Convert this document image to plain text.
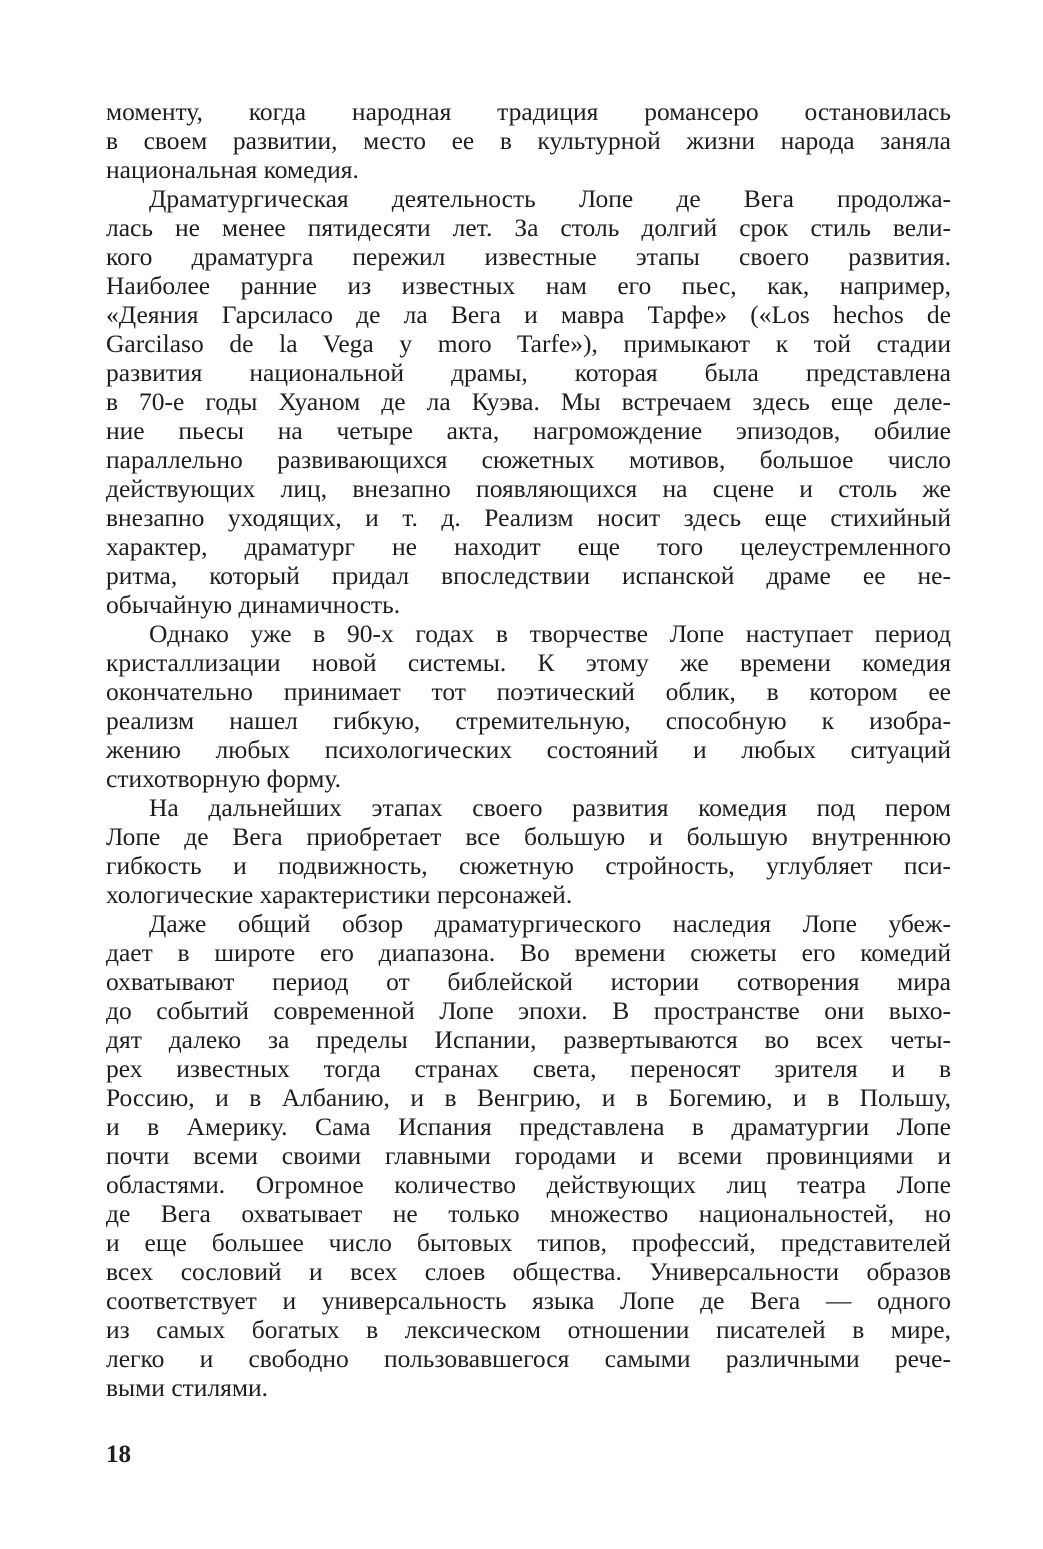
моменту, когда народная традиция романсеро остановилась
в своем развитии, место ее в культурной жизни народа заняла
национальная комедия.
Драматургическая деятельность Лопе де Вега продолжа-
лась не менее пятидесяти лет. За столь долгий срок стиль вели-
кого драматурга пережил известные этапы своего развития.
Наиболее ранние из известных нам его пьес, как, например,
«Деяния Гарсиласо де ла Вега и мавра Тарфе» («Los hechos de
Garcilaso de la Vega y moro Tarfe»), примыкают к той стадии
развития национальной драмы, которая была представлена
в 70-е годы Хуаном де ла Куэва. Мы встречаем здесь еще деле-
ние пьесы на четыре акта, нагромождение эпизодов, обилие
параллельно развивающихся сюжетных мотивов, большое число
действующих лиц, внезапно появляющихся на сцене и столь же
внезапно уходящих, и т. д. Реализм носит здесь еще стихийный
характер, драматург не находит еще того целеустремленного
ритма, который придал впоследствии испанской драме ее не-
обычайную динамичность.
Однако уже в 90-х годах в творчестве Лопе наступает период
кристаллизации новой системы. К этому же времени комедия
окончательно принимает тот поэтический облик, в котором ее
реализм нашел гибкую, стремительную, способную к изобра-
жению любых психологических состояний и любых ситуаций
стихотворную форму.
На дальнейших этапах своего развития комедия под пером
Лопе де Вега приобретает все большую и большую внутреннюю
гибкость и подвижность, сюжетную стройность, углубляет пси-
хологические характеристики персонажей.
Даже общий обзор драматургического наследия Лопе убеж-
дает в широте его диапазона. Во времени сюжеты его комедий
охватывают период от библейской истории сотворения мира
до событий современной Лопе эпохи. В пространстве они выхо-
дят далеко за пределы Испании, развертываются во всех четы-
рех известных тогда странах света, переносят зрителя и в
Россию, и в Албанию, и в Венгрию, и в Богемию, и в Польшу,
и в Америку. Сама Испания представлена в драматургии Лопе
почти всеми своими главными городами и всеми провинциями и
областями. Огромное количество действующих лиц театра Лопе
де Вега охватывает не только множество национальностей, но
и еще большее число бытовых типов, профессий, представителей
всех сословий и всех слоев общества. Универсальности образов
соответствует и универсальность языка Лопе де Вега — одного
из самых богатых в лексическом отношении писателей в мире,
легко и свободно пользовавшегося самыми различными рече-
выми стилями.
18
